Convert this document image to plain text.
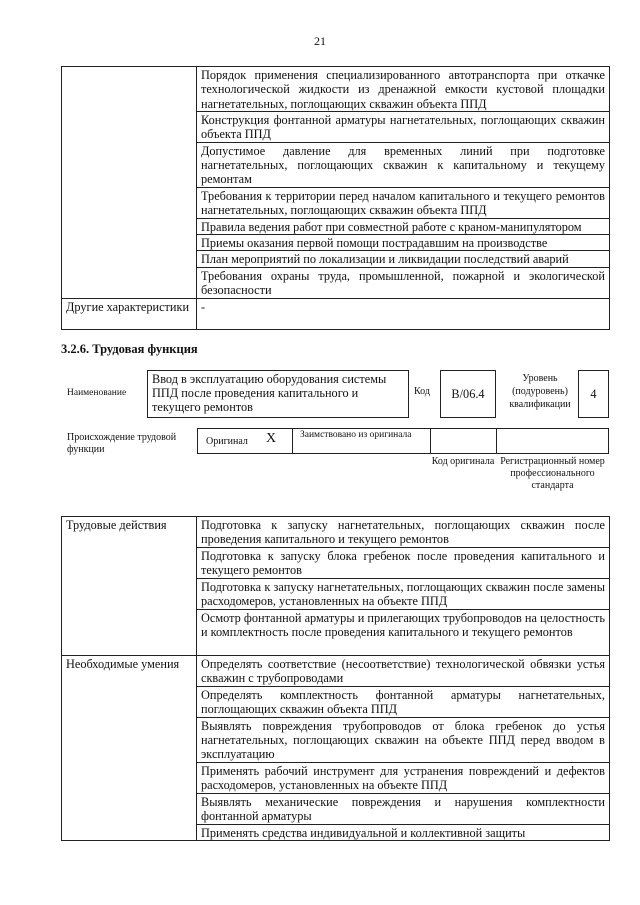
21
	Порядок применения специализированного автотранспорта при откачке технологической жидкости из дренажной емкости кустовой площадки нагнетательных, поглощающих скважин объекта ППД
	Конструкция фонтанной арматуры нагнетательных, поглощающих скважин объекта ППД
	Допустимое давление для временных линий при подготовке нагнетательных, поглощающих скважин к капитальному и текущему ремонтам
	Требования к территории перед началом капитального и текущего ремонтов нагнетательных, поглощающих скважин объекта ППД
	Правила ведения работ при совместной работе с краном-манипулятором
	Приемы оказания первой помощи пострадавшим на производстве
	План мероприятий по локализации и ликвидации последствий аварий
	Требования охраны труда, промышленной, пожарной и экологической безопасности
Другие характеристики	-
3.2.6. Трудовая функция
Наименование
Ввод в эксплуатацию оборудования системы ППД после проведения капитального и текущего ремонтов
Код	B/06.4
Уровень (подуровень) квалификации
4
Происхождение трудовой функции
Оригинал X	Заимствовано из оригинала
Код оригинала Регистрационный номер профессионального стандарта
Трудовые действия	Подготовка к запуску нагнетательных, поглощающих скважин после проведения капитального и текущего ремонтов
	Подготовка к запуску блока гребенок после проведения капитального и текущего ремонтов
	Подготовка к запуску нагнетательных, поглощающих скважин после замены расходомеров, установленных на объекте ППД
	Осмотр фонтанной арматуры и прилегающих трубопроводов на целостность и комплектность после проведения капитального и текущего ремонтов
Необходимые умения	Определять соответствие (несоответствие) технологической обвязки устья скважин с трубопроводами
	Определять комплектность фонтанной арматуры нагнетательных, поглощающих скважин объекта ППД
	Выявлять повреждения трубопроводов от блока гребенок до устья нагнетательных, поглощающих скважин на объекте ППД перед вводом в эксплуатацию
	Применять рабочий инструмент для устранения повреждений и дефектов расходомеров, установленных на объекте ППД
	Выявлять механические повреждения и нарушения комплектности фонтанной арматуры
	Применять средства индивидуальной и коллективной защиты
